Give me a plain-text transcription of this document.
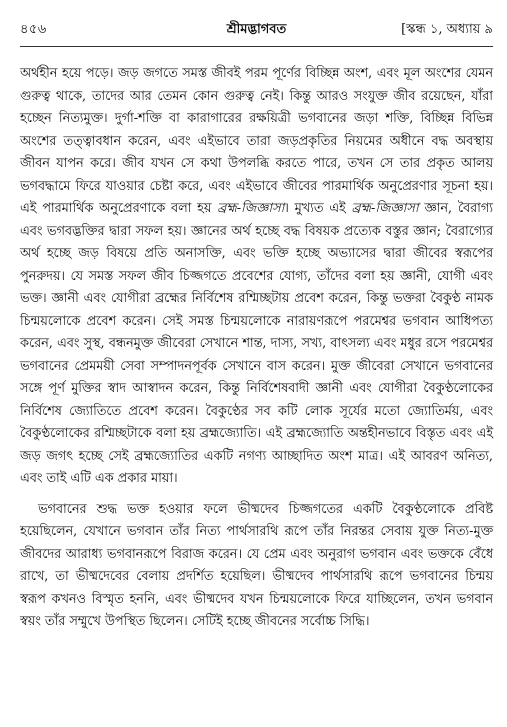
৪৫৬	শ্রীমদ্ভাগবত	[স্কন্ধ ১, অধ্যায় ৯

অর্থহীন হয়ে পড়ে। জড় জগতে সমস্ত জীবই পরম পূর্ণের বিচ্ছিন্ন অংশ, এবং মূল অংশের যেমন গুরুত্ব থাকে, তাদের আর তেমন কোন গুরুত্ব নেই। কিন্তু আরও সংযুক্ত জীব রয়েছেন, যাঁরা হচ্ছেন নিত্যমুক্ত। দুর্গা-শক্তি বা কারাগারের রক্ষয়িত্রী ভগবানের জড়া শক্তি, বিচ্ছিন্ন বিভিন্ন অংশের তত্ত্বাবধান করেন, এবং এইভাবে তারা জড়প্রকৃতির নিয়মের অধীনে বদ্ধ অবস্থায় জীবন যাপন করে। জীব যখন সে কথা উপলব্ধি করতে পারে, তখন সে তার প্রকৃত আলয় ভগবদ্ধামে ফিরে যাওয়ার চেষ্টা করে, এবং এইভাবে জীবের পারমার্থিক অনুপ্রেরণার সূচনা হয়। এই পারমার্থিক অনুপ্রেরণাকে বলা হয় ব্রহ্ম-জিজ্ঞাসা। মুখ্যত এই ব্রহ্ম-জিজ্ঞাসা জ্ঞান, বৈরাগ্য এবং ভগবদ্ভক্তির দ্বারা সফল হয়। জ্ঞানের অর্থ হচ্ছে বদ্ধ বিষয়ক প্রত্যেক বস্তুর জ্ঞান; বৈরাগ্যের অর্থ হচ্ছে জড় বিষয়ে প্রতি অনাসক্তি, এবং ভক্তি হচ্ছে অভ্যাসের দ্বারা জীবের স্বরূপের পুনরুদয়। যে সমস্ত সফল জীব চিজ্জগতে প্রবেশের যোগ্য, তাঁদের বলা হয় জ্ঞানী, যোগী এবং ভক্ত। জ্ঞানী এবং যোগীরা ব্রহ্মের নির্বিশেষ রশ্মিচ্ছটায় প্রবেশ করেন, কিন্তু ভক্তরা বৈকুণ্ঠ নামক চিন্ময়লোকে প্রবেশ করেন। সেই সমস্ত চিন্ময়লোকে নারায়ণরূপে পরমেশ্বর ভগবান আধিপত্য করেন, এবং সুস্থ, বন্ধনমুক্ত জীবেরা সেখানে শান্ত, দাস্য, সখ্য, বাৎসল্য এবং মধুর রসে পরমেশ্বর ভগবানের প্রেমময়ী সেবা সম্পাদনপূর্বক সেখানে বাস করেন। মুক্ত জীবেরা সেখানে ভগবানের সঙ্গে পূর্ণ মুক্তির স্বাদ আস্বাদন করেন, কিন্তু নির্বিশেষবাদী জ্ঞানী এবং যোগীরা বৈকুণ্ঠলোকের নির্বিশেষ জ্যোতিতে প্রবেশ করেন। বৈকুণ্ঠের সব কটি লোক সূর্যের মতো জ্যোতির্ময়, এবং বৈকুণ্ঠলোকের রশ্মিচ্ছটাকে বলা হয় ব্রহ্মজ্যোতি। এই ব্রহ্মজ্যোতি অন্তহীনভাবে বিস্তৃত এবং এই জড় জগৎ হচ্ছে সেই ব্রহ্মজ্যোতির একটি নগণ্য আচ্ছাদিত অংশ মাত্র। এই আবরণ অনিত্য, এবং তাই এটি এক প্রকার মায়া।

ভগবানের শুদ্ধ ভক্ত হওয়ার ফলে ভীষ্মদেব চিজ্জগতের একটি বৈকুণ্ঠলোকে প্রবিষ্ট হয়েছিলেন, যেখানে ভগবান তাঁর নিত্য পার্থসারথি রূপে তাঁর নিরন্তর সেবায় যুক্ত নিত্য-মুক্ত জীবদের আরাধ্য ভগবানরূপে বিরাজ করেন। যে প্রেম এবং অনুরাগ ভগবান এবং ভক্তকে বেঁধে রাখে, তা ভীষ্মদেবের বেলায় প্রদর্শিত হয়েছিল। ভীষ্মদেব পার্থসারথি রূপে ভগবানের চিন্ময় স্বরূপ কখনও বিস্মৃত হননি, এবং ভীষ্মদেব যখন চিন্ময়লোকে ফিরে যাচ্ছিলেন, তখন ভগবান স্বয়ং তাঁর সম্মুখে উপস্থিত ছিলেন। সেটিই হচ্ছে জীবনের সর্বোচ্চ সিদ্ধি।
